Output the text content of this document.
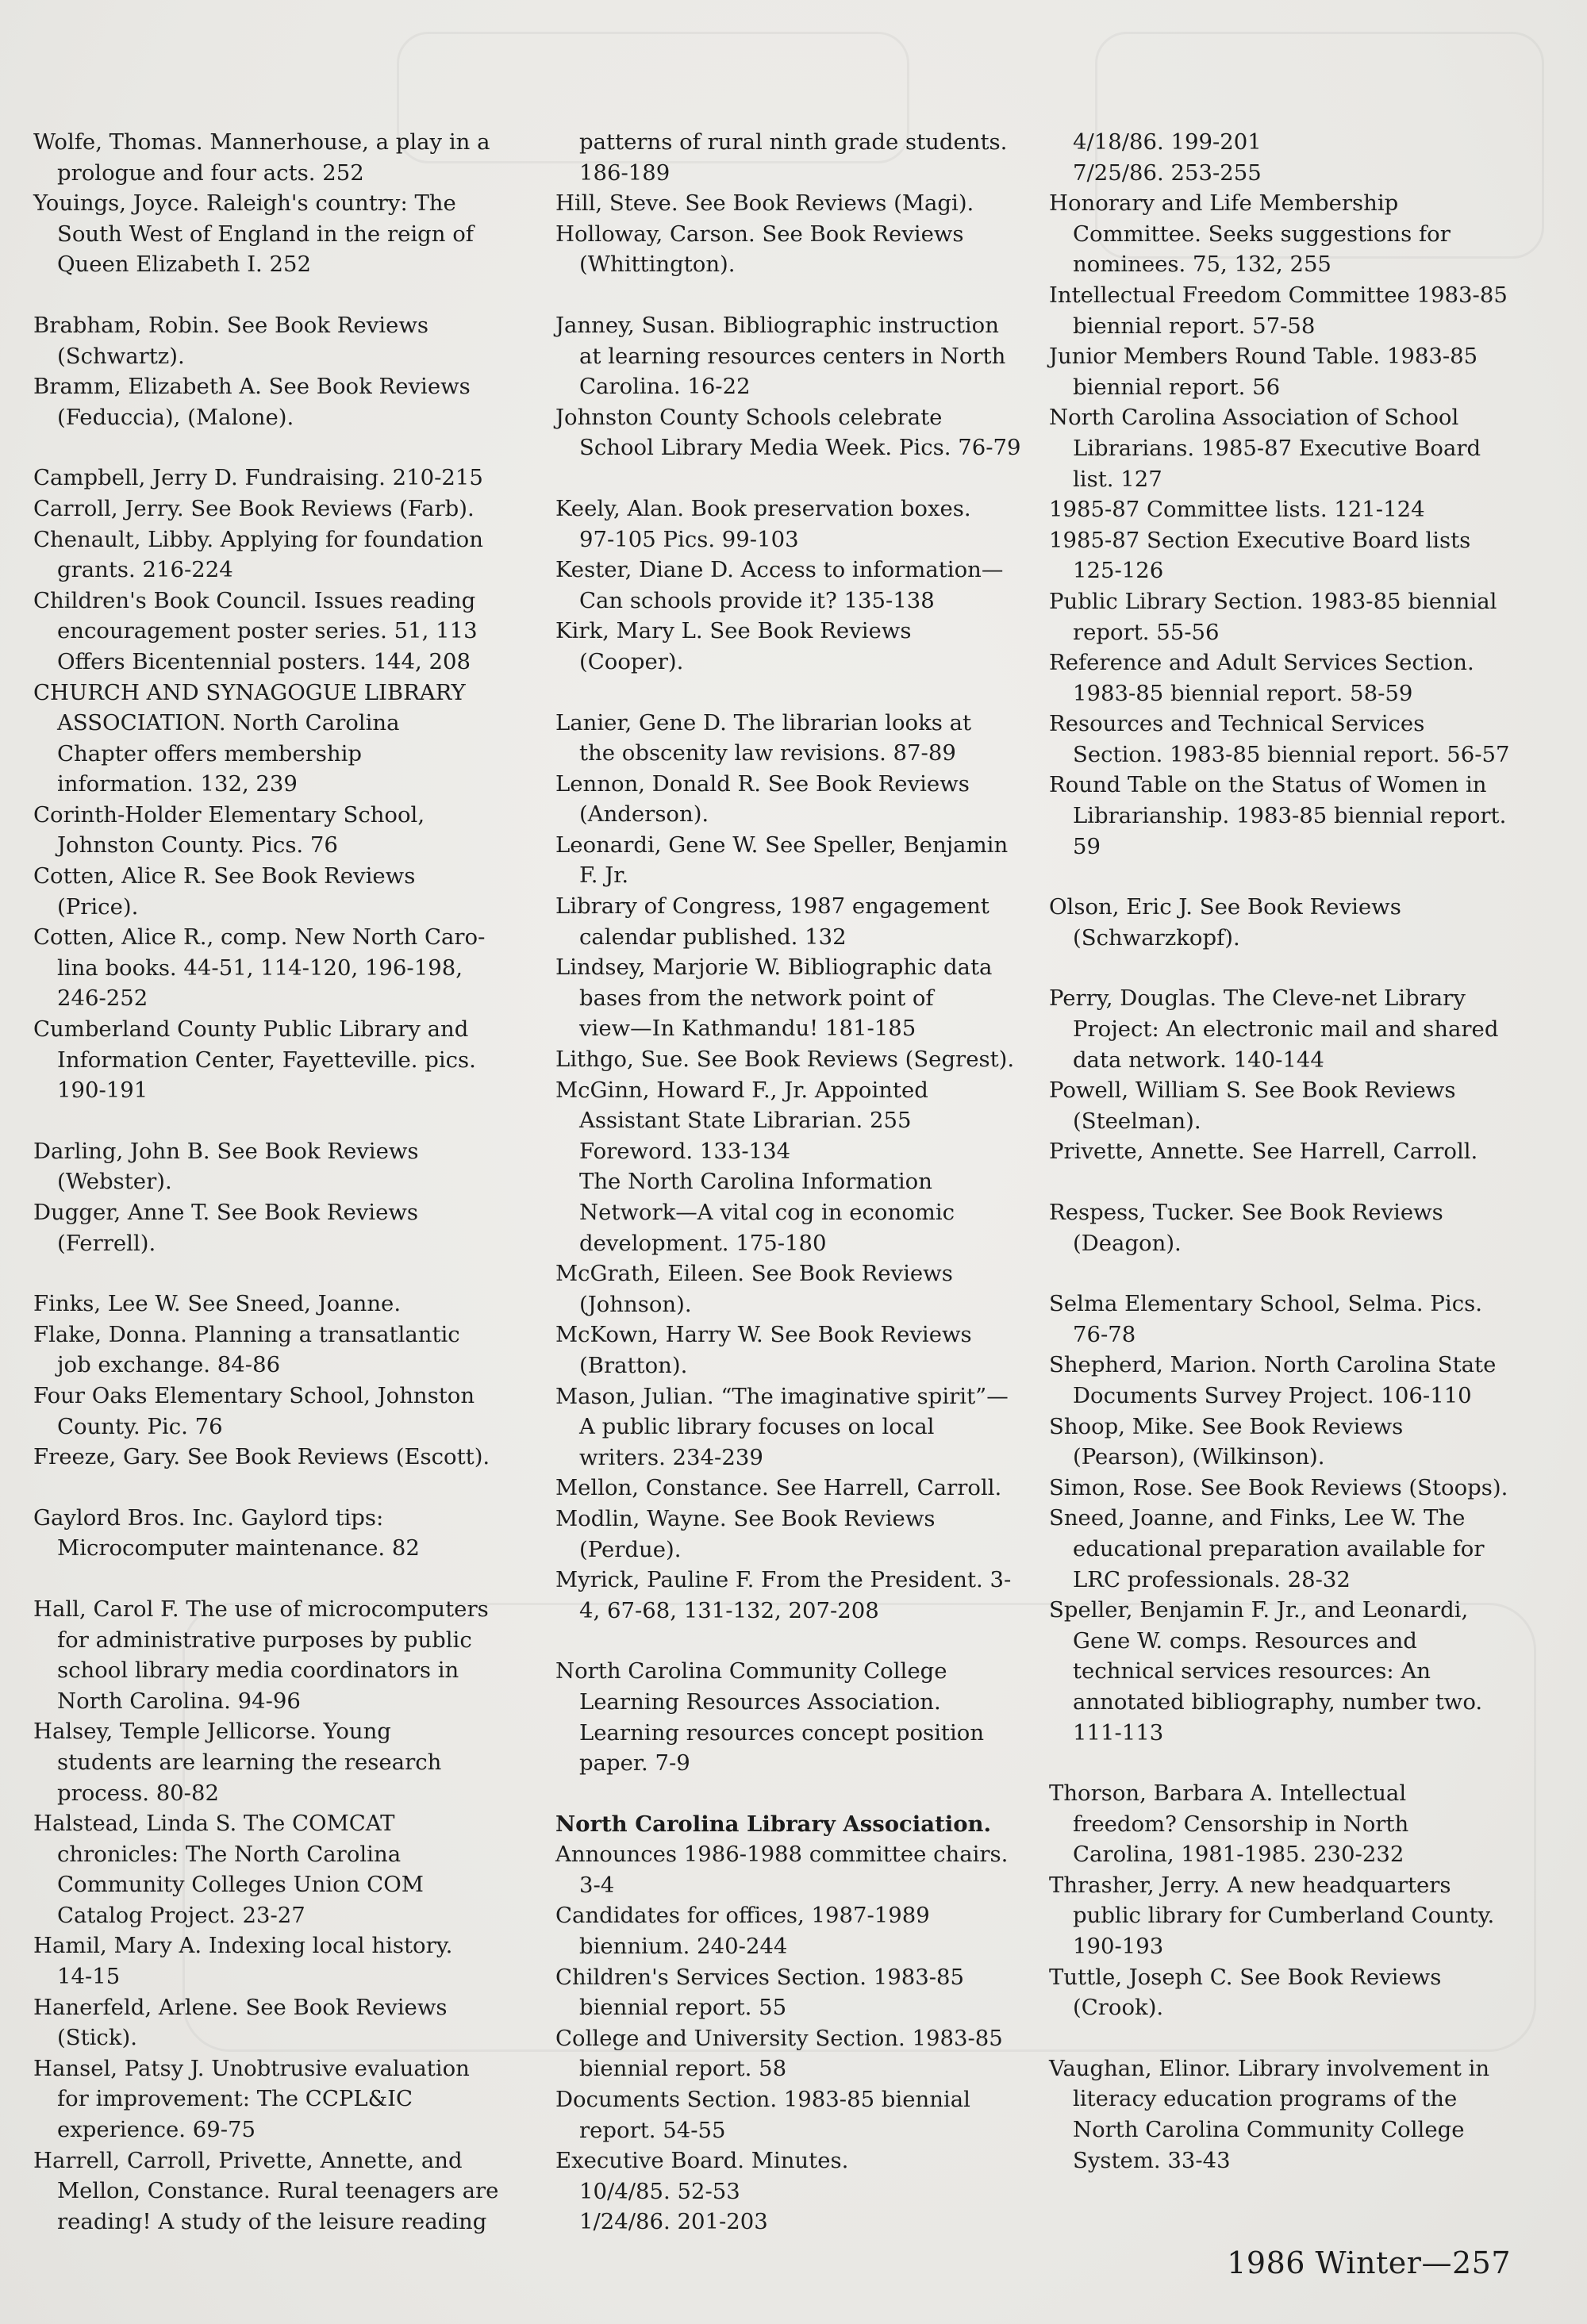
Wolfe, Thomas. Mannerhouse, a play in a
prologue and four acts. 252
Youings, Joyce. Raleigh's country: The
South West of England in the reign of
Queen Elizabeth I. 252
Brabham, Robin. See Book Reviews
(Schwartz).
Bramm, Elizabeth A. See Book Reviews
(Feduccia), (Malone).
Campbell, Jerry D. Fundraising. 210-215
Carroll, Jerry. See Book Reviews (Farb).
Chenault, Libby. Applying for foundation
grants. 216-224
Children's Book Council. Issues reading
encouragement poster series. 51, 113
Offers Bicentennial posters. 144, 208
CHURCH AND SYNAGOGUE LIBRARY
ASSOCIATION. North Carolina
Chapter offers membership
information. 132, 239
Corinth-Holder Elementary School,
Johnston County. Pics. 76
Cotten, Alice R. See Book Reviews
(Price).
Cotten, Alice R., comp. New North Caro-
lina books. 44-51, 114-120, 196-198,
246-252
Cumberland County Public Library and
Information Center, Fayetteville. pics.
190-191
Darling, John B. See Book Reviews
(Webster).
Dugger, Anne T. See Book Reviews
(Ferrell).
Finks, Lee W. See Sneed, Joanne.
Flake, Donna. Planning a transatlantic
job exchange. 84-86
Four Oaks Elementary School, Johnston
County. Pic. 76
Freeze, Gary. See Book Reviews (Escott).
Gaylord Bros. Inc. Gaylord tips:
Microcomputer maintenance. 82
Hall, Carol F. The use of microcomputers
for administrative purposes by public
school library media coordinators in
North Carolina. 94-96
Halsey, Temple Jellicorse. Young
students are learning the research
process. 80-82
Halstead, Linda S. The COMCAT
chronicles: The North Carolina
Community Colleges Union COM
Catalog Project. 23-27
Hamil, Mary A. Indexing local history.
14-15
Hanerfeld, Arlene. See Book Reviews
(Stick).
Hansel, Patsy J. Unobtrusive evaluation
for improvement: The CCPL&IC
experience. 69-75
Harrell, Carroll, Privette, Annette, and
Mellon, Constance. Rural teenagers are
reading! A study of the leisure reading
patterns of rural ninth grade students.
186-189
Hill, Steve. See Book Reviews (Magi).
Holloway, Carson. See Book Reviews
(Whittington).
Janney, Susan. Bibliographic instruction
at learning resources centers in North
Carolina. 16-22
Johnston County Schools celebrate
School Library Media Week. Pics. 76-79
Keely, Alan. Book preservation boxes.
97-105 Pics. 99-103
Kester, Diane D. Access to information—
Can schools provide it? 135-138
Kirk, Mary L. See Book Reviews
(Cooper).
Lanier, Gene D. The librarian looks at
the obscenity law revisions. 87-89
Lennon, Donald R. See Book Reviews
(Anderson).
Leonardi, Gene W. See Speller, Benjamin
F. Jr.
Library of Congress, 1987 engagement
calendar published. 132
Lindsey, Marjorie W. Bibliographic data
bases from the network point of
view—In Kathmandu! 181-185
Lithgo, Sue. See Book Reviews (Segrest).
McGinn, Howard F., Jr. Appointed
Assistant State Librarian. 255
Foreword. 133-134
The North Carolina Information
Network—A vital cog in economic
development. 175-180
McGrath, Eileen. See Book Reviews
(Johnson).
McKown, Harry W. See Book Reviews
(Bratton).
Mason, Julian. “The imaginative spirit”—
A public library focuses on local
writers. 234-239
Mellon, Constance. See Harrell, Carroll.
Modlin, Wayne. See Book Reviews
(Perdue).
Myrick, Pauline F. From the President. 3-
4, 67-68, 131-132, 207-208
North Carolina Community College
Learning Resources Association.
Learning resources concept position
paper. 7-9
North Carolina Library Association.
Announces 1986-1988 committee chairs.
3-4
Candidates for offices, 1987-1989
biennium. 240-244
Children's Services Section. 1983-85
biennial report. 55
College and University Section. 1983-85
biennial report. 58
Documents Section. 1983-85 biennial
report. 54-55
Executive Board. Minutes.
10/4/85. 52-53
1/24/86. 201-203
4/18/86. 199-201
7/25/86. 253-255
Honorary and Life Membership
Committee. Seeks suggestions for
nominees. 75, 132, 255
Intellectual Freedom Committee 1983-85
biennial report. 57-58
Junior Members Round Table. 1983-85
biennial report. 56
North Carolina Association of School
Librarians. 1985-87 Executive Board
list. 127
1985-87 Committee lists. 121-124
1985-87 Section Executive Board lists
125-126
Public Library Section. 1983-85 biennial
report. 55-56
Reference and Adult Services Section.
1983-85 biennial report. 58-59
Resources and Technical Services
Section. 1983-85 biennial report. 56-57
Round Table on the Status of Women in
Librarianship. 1983-85 biennial report.
59
Olson, Eric J. See Book Reviews
(Schwarzkopf).
Perry, Douglas. The Cleve-net Library
Project: An electronic mail and shared
data network. 140-144
Powell, William S. See Book Reviews
(Steelman).
Privette, Annette. See Harrell, Carroll.
Respess, Tucker. See Book Reviews
(Deagon).
Selma Elementary School, Selma. Pics.
76-78
Shepherd, Marion. North Carolina State
Documents Survey Project. 106-110
Shoop, Mike. See Book Reviews
(Pearson), (Wilkinson).
Simon, Rose. See Book Reviews (Stoops).
Sneed, Joanne, and Finks, Lee W. The
educational preparation available for
LRC professionals. 28-32
Speller, Benjamin F. Jr., and Leonardi,
Gene W. comps. Resources and
technical services resources: An
annotated bibliography, number two.
111-113
Thorson, Barbara A. Intellectual
freedom? Censorship in North
Carolina, 1981-1985. 230-232
Thrasher, Jerry. A new headquarters
public library for Cumberland County.
190-193
Tuttle, Joseph C. See Book Reviews
(Crook).
Vaughan, Elinor. Library involvement in
literacy education programs of the
North Carolina Community College
System. 33-43
1986 Winter—257
